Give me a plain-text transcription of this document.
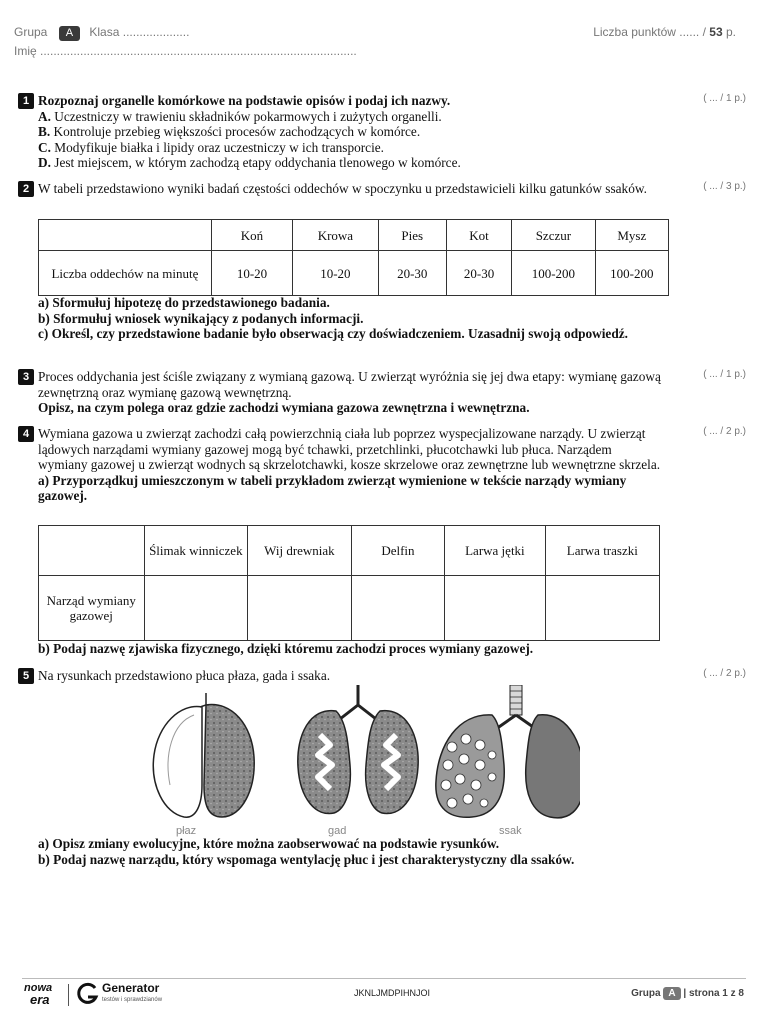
Grupa A Klasa ....................	Liczba punktów ...... / 53 p.
Imię ...............................................................................................
1	( ... / 1 p.)
Rozpoznaj organelle komórkowe na podstawie opisów i podaj ich nazwy.
A. Uczestniczy w trawieniu składników pokarmowych i zużytych organelli.
B. Kontroluje przebieg większości procesów zachodzących w komórce.
C. Modyfikuje białka i lipidy oraz uczestniczy w ich transporcie.
D. Jest miejscem, w którym zachodzą etapy oddychania tlenowego w komórce.
2	( ... / 3 p.)
W tabeli przedstawiono wyniki badań częstości oddechów w spoczynku u przedstawicieli kilku gatunków ssaków.
	Koń	Krowa	Pies	Kot	Szczur	Mysz
Liczba oddechów na minutę	10-20	10-20	20-30	20-30	100-200	100-200
a) Sformułuj hipotezę do przedstawionego badania.
b) Sformułuj wniosek wynikający z podanych informacji.
c) Określ, czy przedstawione badanie było obserwacją czy doświadczeniem. Uzasadnij swoją odpowiedź.
3	( ... / 1 p.)
Proces oddychania jest ściśle związany z wymianą gazową. U zwierząt wyróżnia się jej dwa etapy: wymianę gazową zewnętrzną oraz wymianę gazową wewnętrzną.
Opisz, na czym polega oraz gdzie zachodzi wymiana gazowa zewnętrzna i wewnętrzna.
4	( ... / 2 p.)
Wymiana gazowa u zwierząt zachodzi całą powierzchnią ciała lub poprzez wyspecjalizowane narządy. U zwierząt lądowych narządami wymiany gazowej mogą być tchawki, przetchlinki, płucotchawki lub płuca. Narządem wymiany gazowej u zwierząt wodnych są skrzelotchawki, kosze skrzelowe oraz zewnętrzne lub wewnętrzne skrzela.
a) Przyporządkuj umieszczonym w tabeli przykładom zwierząt wymienione w tekście narządy wymiany gazowej.
	Ślimak winniczek	Wij drewniak	Delfin	Larwa jętki	Larwa traszki
Narząd wymiany gazowej					
b) Podaj nazwę zjawiska fizycznego, dzięki któremu zachodzi proces wymiany gazowej.
5	( ... / 2 p.)
Na rysunkach przedstawiono płuca płaza, gada i ssaka.
płaz	gad	ssak
a) Opisz zmiany ewolucyjne, które można zaobserwować na podstawie rysunków.
b) Podaj nazwę narządu, który wspomaga wentylację płuc i jest charakterystyczny dla ssaków.
nowa
era
Generator
testów i sprawdzianów
JKNLJMDPIHNJOI	Grupa A | strona 1 z 8
